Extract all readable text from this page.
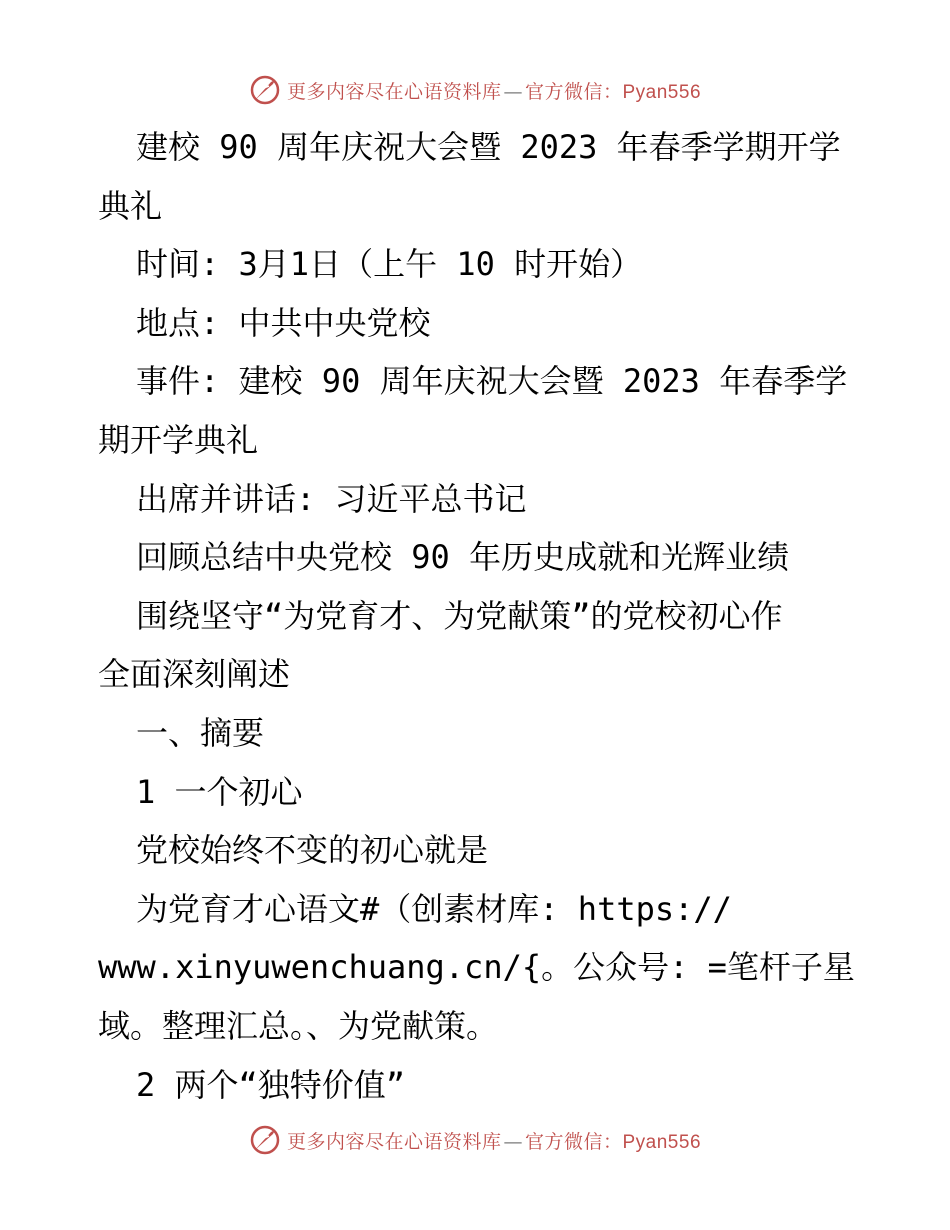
更多内容尽在心语资料库 — 官方微信：Pyan556
建校 90 周年庆祝大会暨 2023 年春季学期开学
典礼
时间: 3月1日（上午 10 时开始）
地点: 中共中央党校
事件: 建校 90 周年庆祝大会暨 2023 年春季学
期开学典礼
出席并讲话: 习近平总书记
回顾总结中央党校 90 年历史成就和光辉业绩
围绕坚守“为党育才、为党献策”的党校初心作
全面深刻阐述
一、摘要
1 一个初心
党校始终不变的初心就是
为党育才心语文#（创素材库: https://
www.xinyuwenchuang.cn/{。公众号: =笔杆子星
域。整理汇总。、为党献策。
2 两个“独特价值”
更多内容尽在心语资料库 — 官方微信：Pyan556
